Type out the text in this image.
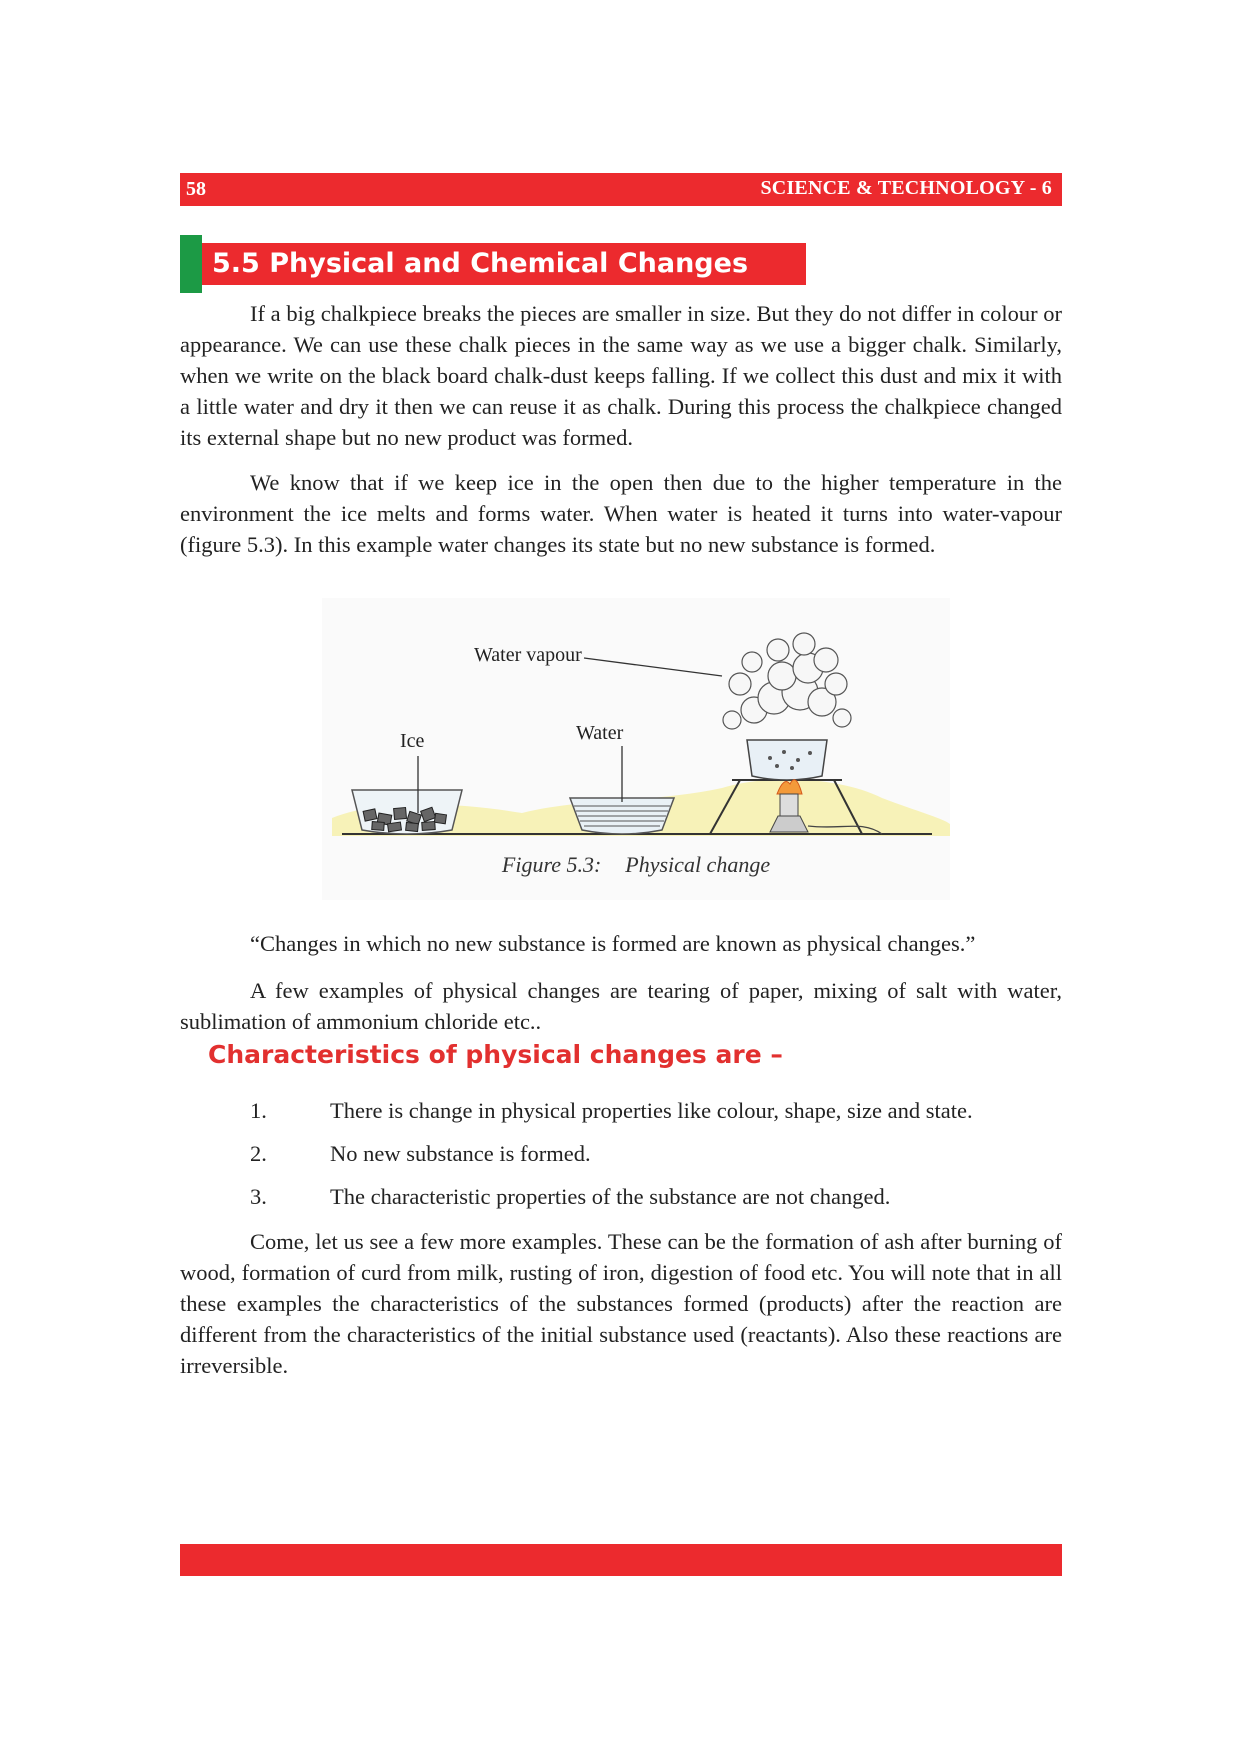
58	SCIENCE & TECHNOLOGY - 6
5.5 Physical and Chemical Changes

If a big chalkpiece breaks the pieces are smaller in size. But they do not differ in colour or appearance. We can use these chalk pieces in the same way as we use a bigger chalk. Similarly, when we write on the black board chalk-dust keeps falling. If we collect this dust and mix it with a little water and dry it then we can reuse it as chalk. During this process the chalkpiece changed its external shape but no new product was formed.

We know that if we keep ice in the open then due to the higher temperature in the environment the ice melts and forms water. When water is heated it turns into water-vapour (figure 5.3). In this example water changes its state but no new substance is formed.

Water vapour
Ice	Water
Figure 5.3: Physical change

“Changes in which no new substance is formed are known as physical changes.”

A few examples of physical changes are tearing of paper, mixing of salt with water, sublimation of ammonium chloride etc..

Characteristics of physical changes are –
1.	There is change in physical properties like colour, shape, size and state.
2.	No new substance is formed.
3.	The characteristic properties of the substance are not changed.

Come, let us see a few more examples. These can be the formation of ash after burning of wood, formation of curd from milk, rusting of iron, digestion of food etc. You will note that in all these examples the characteristics of the substances formed (products) after the reaction are different from the characteristics of the initial substance used (reactants). Also these reactions are irreversible.
